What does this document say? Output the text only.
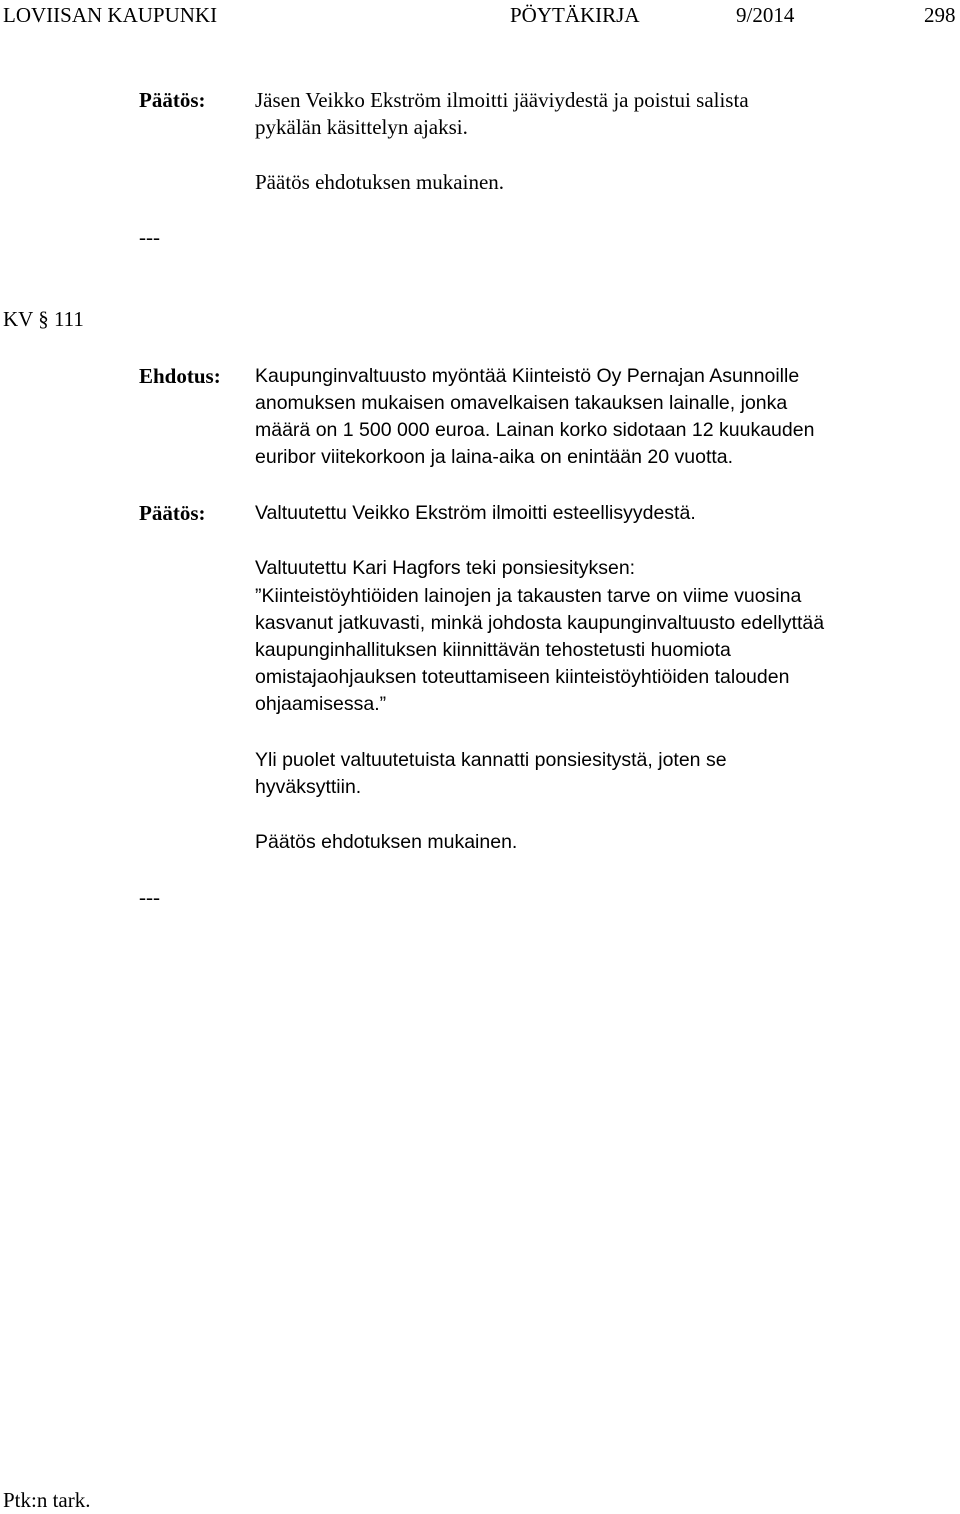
LOVIISAN KAUPUNKI	PÖYTÄKIRJA	9/2014	298
Päätös: Jäsen Veikko Ekström ilmoitti jääviydestä ja poistui salista
pykälän käsittelyn ajaksi.
Päätös ehdotuksen mukainen.
---
KV § 111
Ehdotus: Kaupunginvaltuusto myöntää Kiinteistö Oy Pernajan Asunnoille
anomuksen mukaisen omavelkaisen takauksen lainalle, jonka
määrä on 1 500 000 euroa. Lainan korko sidotaan 12 kuukauden
euribor viitekorkoon ja laina-aika on enintään 20 vuotta.
Päätös:	Valtuutettu Veikko Ekström ilmoitti esteellisyydestä.
Valtuutettu Kari Hagfors teki ponsiesityksen:
”Kiinteistöyhtiöiden lainojen ja takausten tarve on viime vuosina
kasvanut jatkuvasti, minkä johdosta kaupunginvaltuusto edellyttää
kaupunginhallituksen kiinnittävän tehostetusti huomiota
omistajaohjauksen toteuttamiseen kiinteistöyhtiöiden talouden
ohjaamisessa.”
Yli puolet valtuutetuista kannatti ponsiesitystä, joten se
hyväksyttiin.
Päätös ehdotuksen mukainen.
---
Ptk:n tark.
